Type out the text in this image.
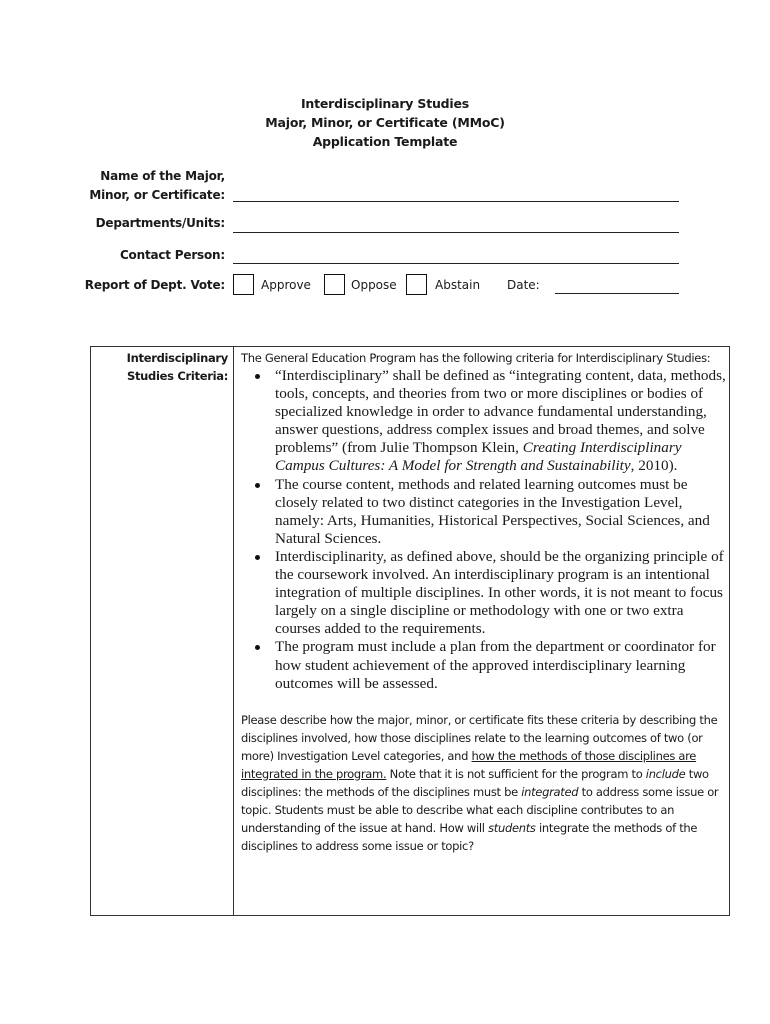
Interdisciplinary Studies
Major, Minor, or Certificate (MMoC)
Application Template
Name of the Major,
Minor, or Certificate:
Departments/Units:
Contact Person:
Report of Dept. Vote:	Approve	Oppose	Abstain Date:
Interdisciplinary
Studies Criteria:

The General Education Program has the following criteria for Interdisciplinary Studies:

“Interdisciplinary” shall be defined as “integrating content, data, methods, tools, concepts, and theories from two or more disciplines or bodies of specialized knowledge in order to advance fundamental understanding, answer questions, address complex issues and broad themes, and solve problems” (from Julie Thompson Klein, Creating Interdisciplinary Campus Cultures: A Model for Strength and Sustainability, 2010).
The course content, methods and related learning outcomes must be closely related to two distinct categories in the Investigation Level, namely: Arts, Humanities, Historical Perspectives, Social Sciences, and Natural Sciences.
Interdisciplinarity, as defined above, should be the organizing principle of the coursework involved. An interdisciplinary program is an intentional integration of multiple disciplines. In other words, it is not meant to focus largely on a single discipline or methodology with one or two extra courses added to the requirements.
The program must include a plan from the department or coordinator for how student achievement of the approved interdisciplinary learning outcomes will be assessed.

Please describe how the major, minor, or certificate fits these criteria by describing the disciplines involved, how those disciplines relate to the learning outcomes of two (or more) Investigation Level categories, and how the methods of those disciplines are integrated in the program. Note that it is not sufficient for the program to include two disciplines: the methods of the disciplines must be integrated to address some issue or topic. Students must be able to describe what each discipline contributes to an understanding of the issue at hand. How will students integrate the methods of the disciplines to address some issue or topic?
